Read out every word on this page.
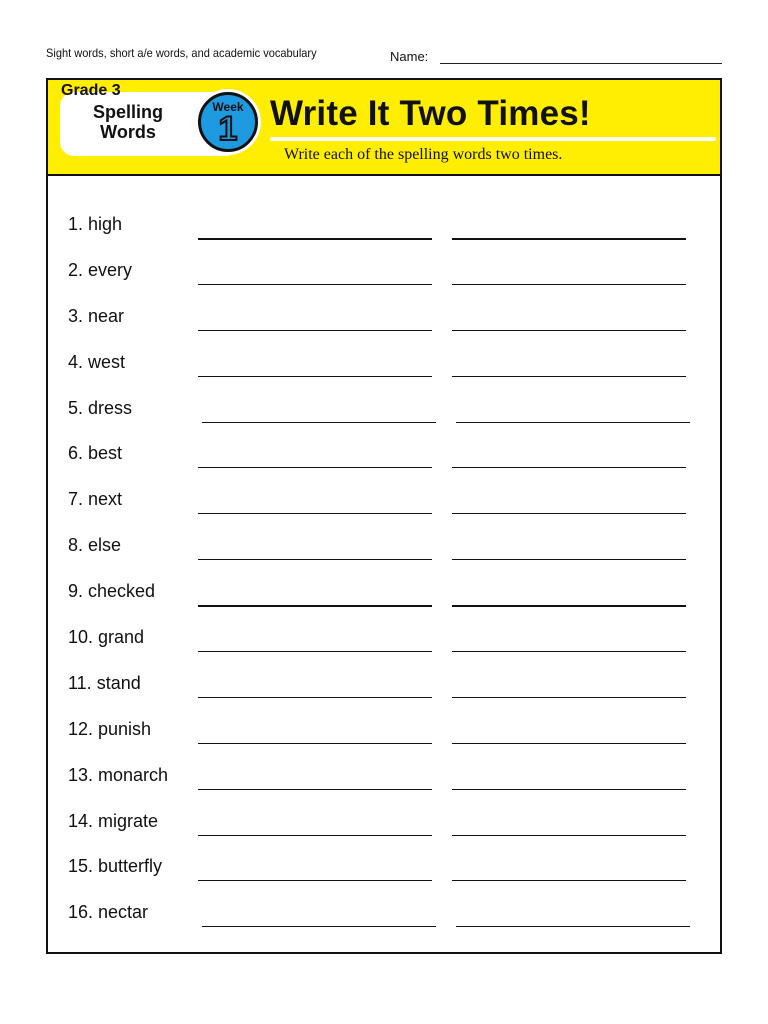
Sight words, short a/e words, and academic vocabulary	Name:
Grade 3
Spelling
Words
Week
1 Write It Two Times!
Write each of the spelling words two times.
1. high
2. every
3. near
4. west
5. dress
6. best
7. next
8. else
9. checked
10. grand
11. stand
12. punish
13. monarch
14. migrate
15. butterfly
16. nectar
